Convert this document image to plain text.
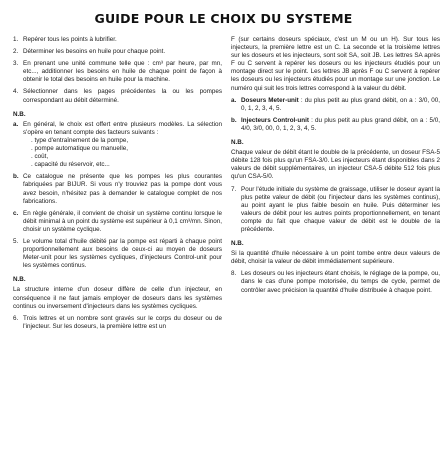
GUIDE POUR LE CHOIX DU SYSTEME
1. Repérer tous les points à lubrifier.
2. Déterminer les besoins en huile pour chaque point.
3. En prenant une unité commune telle que : cm³ par heure, par mn, etc..., additionner les besoins en huile de chaque point de façon à obtenir le total des besoins en huile pour la machine.
4. Sélectionner dans les pages précédentes la ou les pompes correspondant au débit déterminé.
N.B.
a. En général, le choix est offert entre plusieurs modèles. La sélection s'opère en tenant compte des facteurs suivants :
. type d'entraînement de la pompe,
. pompe automatique ou manuelle,
. coût,
. capacité du réservoir, etc...
b. Ce catalogue ne présente que les pompes les plus courantes fabriquées par BIJUR. Si vous n'y trouviez pas la pompe dont vous avez besoin, n'hésitez pas à demander le catalogue complet de nos fabrications.
c. En règle générale, il convient de choisir un système continu lorsque le débit minimal à un point du système est supérieur à 0,1 cm³/mn. Sinon, choisir un système cyclique.
5. Le volume total d'huile débité par la pompe est réparti à chaque point proportionnellement aux besoins de ceux-ci au moyen de doseurs Meter-unit pour les systèmes cycliques, d'injecteurs Control-unit pour les systèmes continus.
N.B.
La structure interne d'un doseur diffère de celle d'un injecteur, en conséquence il ne faut jamais employer de doseurs dans les systèmes continus ou inversement d'injecteurs dans les systèmes cycliques.
6. Trois lettres et un nombre sont gravés sur le corps du doseur ou de l'injecteur. Sur les doseurs, la première lettre est un
F (sur certains doseurs spéciaux, c'est un M ou un H). Sur tous les injecteurs, la première lettre est un C. La seconde et la troisième lettres sur les doseurs et les injecteurs, sont soit SA, soit JB. Les lettres SA après F ou C servent à repérer les doseurs ou les injecteurs étudiés pour un montage direct sur le point. Les lettres JB après F ou C servent à repérer les doseurs ou les injecteurs étudiés pour un montage sur une jonction. Le numéro qui suit les trois lettres correspond à la valeur du débit.
a. Doseurs Meter-unit : du plus petit au plus grand débit, on a : 3/0, 00, 0, 1, 2, 3, 4, 5.
b. Injecteurs Control-unit : du plus petit au plus grand débit, on a : 5/0, 4/0, 3/0, 00, 0, 1, 2, 3, 4, 5.
N.B.
Chaque valeur de débit étant le double de la précédente, un doseur FSA-5 débite 128 fois plus qu'un FSA-3/0. Les injecteurs étant disponibles dans 2 valeurs de débit supplémentaires, un injecteur CSA-5 débite 512 fois plus qu'un CSA-5/0.
7. Pour l'étude initiale du système de graissage, utiliser le doseur ayant la plus petite valeur de débit (ou l'injecteur dans les systèmes continus), au point ayant le plus faible besoin en huile. Puis déterminer les valeurs de débit pour les autres points proportionnellement, en tenant compte du fait que chaque valeur de débit est le double de la précédente.
N.B.
Si la quantité d'huile nécessaire à un point tombe entre deux valeurs de débit, choisir la valeur de débit immédiatement supérieure.
8. Les doseurs ou les injecteurs étant choisis, le réglage de la pompe, ou, dans le cas d'une pompe motorisée, du temps de cycle, permet de contrôler avec précision la quantité d'huile distribuée à chaque point.
